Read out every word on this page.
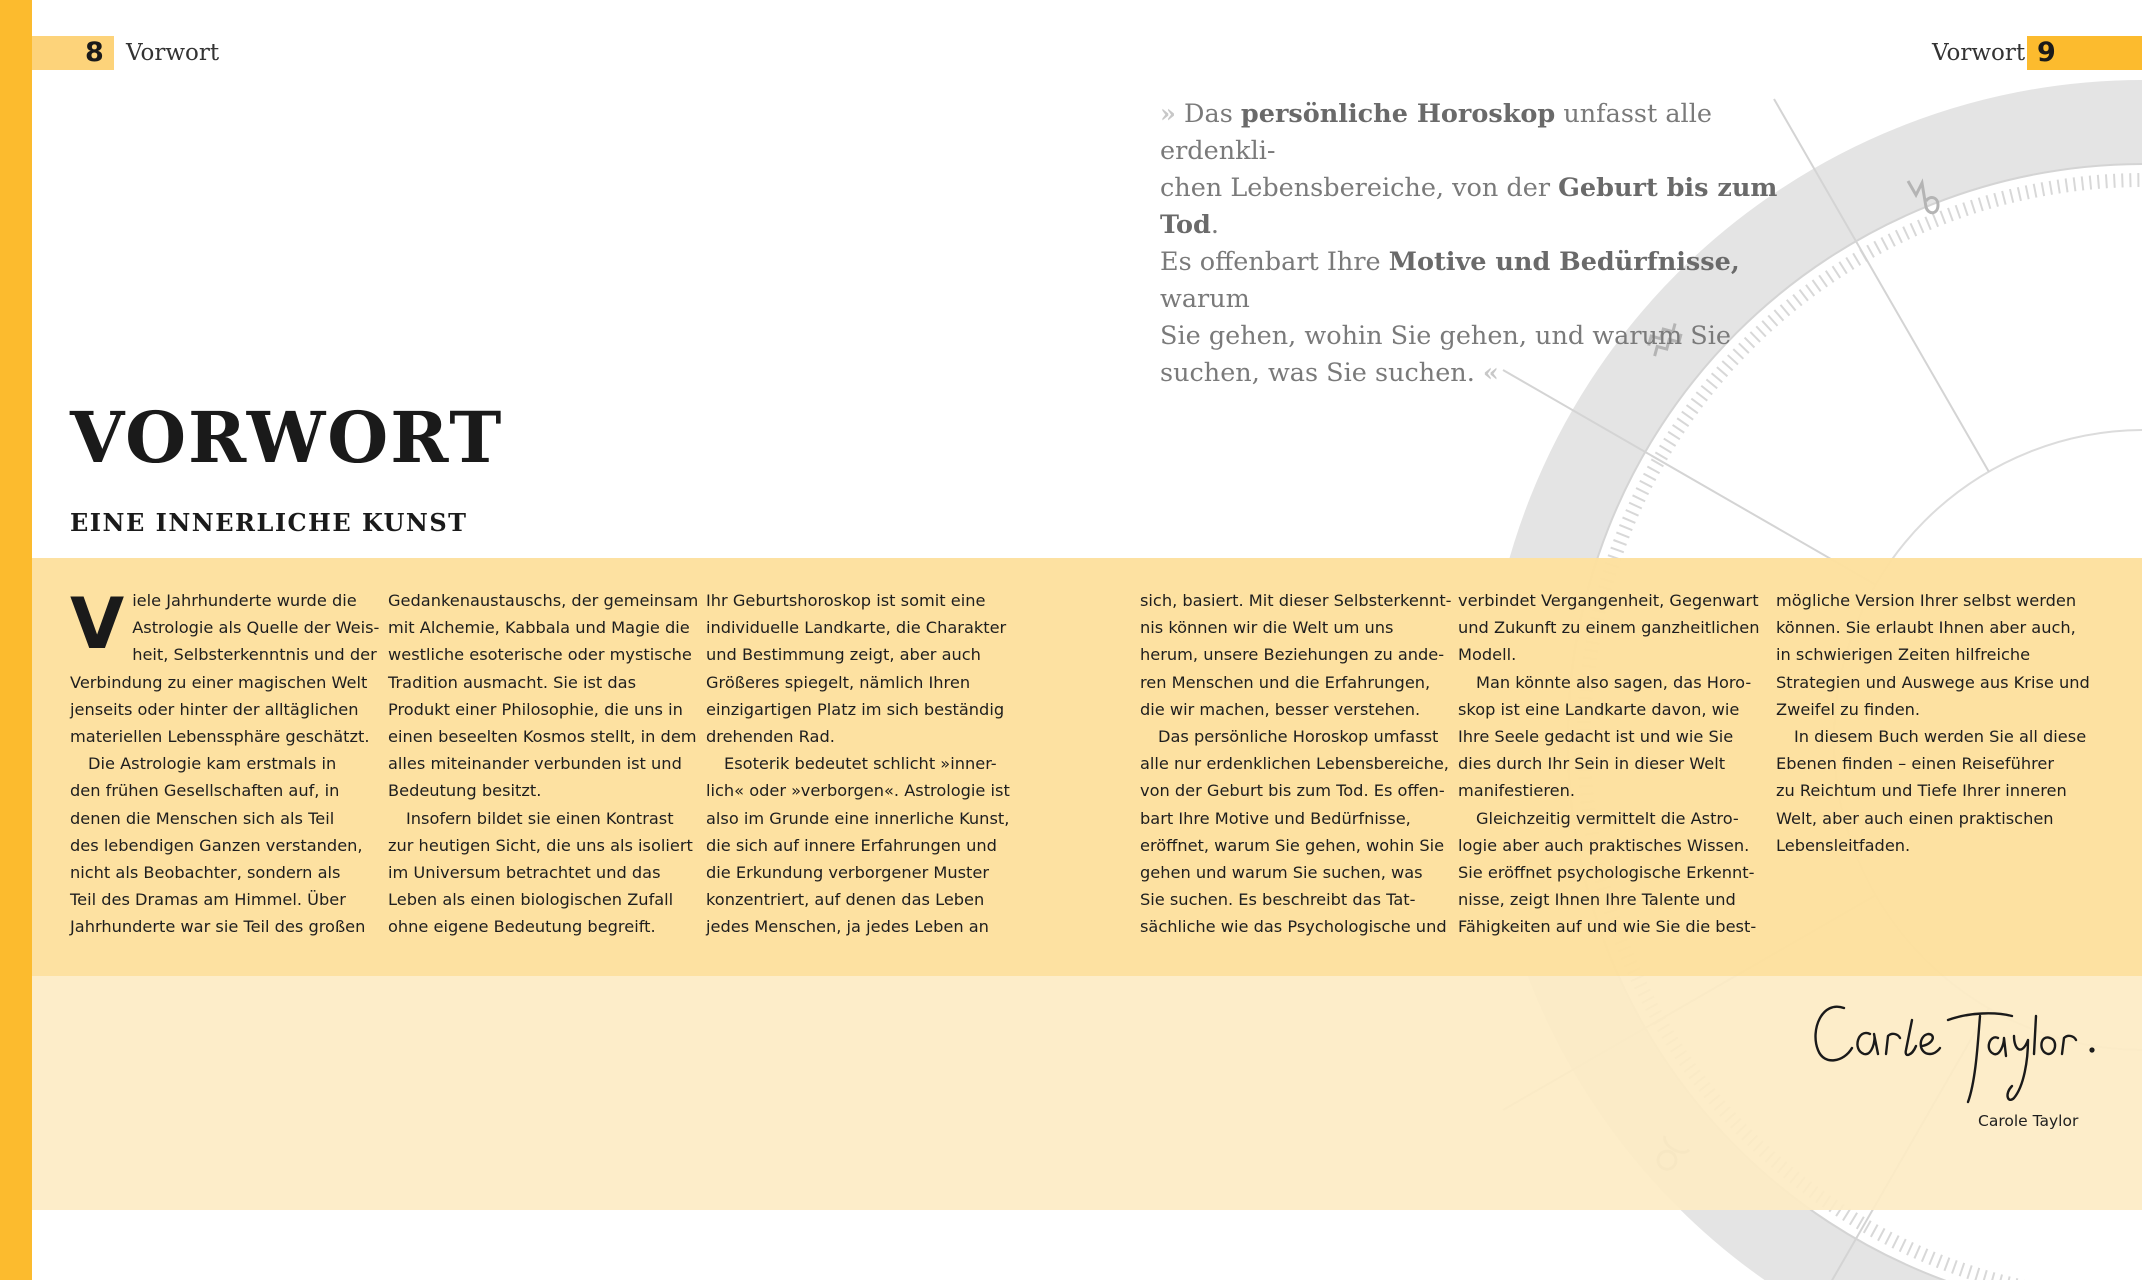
8 Vorwort	Vorwort 9
» Das persönliche Horoskop unfasst alle erdenkli-
chen Lebensbereiche, von der Geburt bis zum Tod.
Es offenbart Ihre Motive und Bedürfnisse, warum
Sie gehen, wohin Sie gehen, und warum Sie
suchen, was Sie suchen. «
VORWORT
EINE INNERLICHE KUNST
V iele Jahrhunderte wurde die

Astrologie als Quelle der Weis-

heit, Selbsterkenntnis und der

Verbindung zu einer magischen Welt

jenseits oder hinter der alltäglichen

materiellen Lebenssphäre geschätzt.

Die Astrologie kam erstmals in

den frühen Gesellschaften auf, in

denen die Menschen sich als Teil

des lebendigen Ganzen verstanden,

nicht als Beobachter, sondern als

Teil des Dramas am Himmel. Über

Jahrhunderte war sie Teil des großen

Gedankenaustauschs, der gemeinsam

mit Alchemie, Kabbala und Magie die

westliche esoterische oder mystische

Tradition ausmacht. Sie ist das

Produkt einer Philosophie, die uns in

einen beseelten Kosmos stellt, in dem

alles miteinander verbunden ist und

Bedeutung besitzt.

Insofern bildet sie einen Kontrast

zur heutigen Sicht, die uns als isoliert

im Universum betrachtet und das

Leben als einen biologischen Zufall

ohne eigene Bedeutung begreift.

Ihr Geburtshoroskop ist somit eine

individuelle Landkarte, die Charakter

und Bestimmung zeigt, aber auch

Größeres spiegelt, nämlich Ihren

einzigartigen Platz im sich beständig

drehenden Rad.

Esoterik bedeutet schlicht »inner-

lich« oder »verborgen«. Astrologie ist

also im Grunde eine innerliche Kunst,

die sich auf innere Erfahrungen und

die Erkundung verborgener Muster

konzentriert, auf denen das Leben

jedes Menschen, ja jedes Leben an

sich, basiert. Mit dieser Selbsterkennt-

nis können wir die Welt um uns

herum, unsere Beziehungen zu ande-

ren Menschen und die Erfahrungen,

die wir machen, besser verstehen.

Das persönliche Horoskop umfasst

alle nur erdenklichen Lebensbereiche,

von der Geburt bis zum Tod. Es offen-

bart Ihre Motive und Bedürfnisse,

eröffnet, warum Sie gehen, wohin Sie

gehen und warum Sie suchen, was

Sie suchen. Es beschreibt das Tat-

sächliche wie das Psychologische und

verbindet Vergangenheit, Gegenwart

und Zukunft zu einem ganzheitlichen

Modell.

Man könnte also sagen, das Horo-

skop ist eine Landkarte davon, wie

Ihre Seele gedacht ist und wie Sie

dies durch Ihr Sein in dieser Welt

manifestieren.

Gleichzeitig vermittelt die Astro-

logie aber auch praktisches Wissen.

Sie eröffnet psychologische Erkennt-

nisse, zeigt Ihnen Ihre Talente und

Fähigkeiten auf und wie Sie die best-

mögliche Version Ihrer selbst werden

können. Sie erlaubt Ihnen aber auch,

in schwierigen Zeiten hilfreiche

Strategien und Auswege aus Krise und

Zweifel zu finden.

In diesem Buch werden Sie all diese

Ebenen finden – einen Reiseführer

zu Reichtum und Tiefe Ihrer inneren

Welt, aber auch einen praktischen

Lebensleitfaden.

Carole Taylor
